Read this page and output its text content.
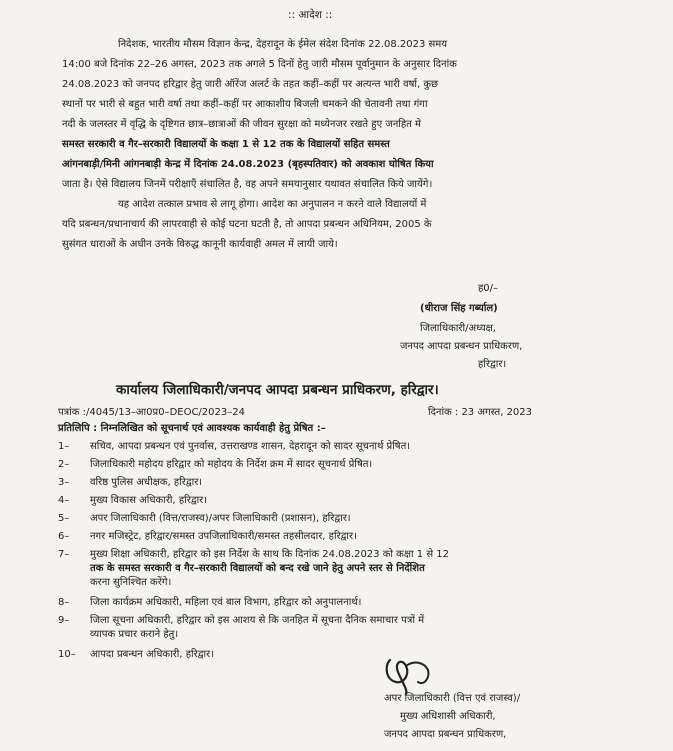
:: आदेश ::
निदेशक, भारतीय मौसम विज्ञान केन्द्र, देहरादून के ईमेल संदेश दिनांक 22.08.2023 समय
14:00 बजे दिनांक 22–26 अगस्त, 2023 तक अगले 5 दिनों हेतु जारी मौसम पूर्वानुमान के अनुसार दिनांक
24.08.2023 को जनपद हरिद्वार हेतु जारी ऑरेंज अलर्ट के तहत कहीं–कहीं पर अत्यन्त भारी वर्षा, कुछ
स्थानों पर भारी से बहुत भारी वर्षा तथा कहीं–कहीं पर आकाशीय बिजली चमकने की चेतावनी तथा गंगा
नदी के जलस्तर में वृद्धि के दृष्टिगत छात्र–छात्राओं की जीवन सुरक्षा को मध्येनजर रखते हुए जनहित मे
समस्त सरकारी व गैर–सरकारी विद्यालयों के कक्षा 1 से 12 तक के विद्यालयों सहित समस्त
आंगनबाड़ी/मिनी आंगनबाड़ी केन्द्र में दिनांक 24.08.2023 (बृहस्पतिवार) को अवकाश घोषित किया
जाता है। ऐसे विद्यालय जिनमें परीक्षाएँ संचालित है, वह अपने समयानुसार यथावत संचालित किये जायेंगे।
यह आदेश तत्काल प्रभाव से लागू होगा। आदेश का अनुपालन न करने वाले विद्यालयों में
यदि प्रबन्धन/प्रधानाचार्य की लापरवाही से कोई घटना घटती है, तो आपदा प्रबन्धन अधिनियम, 2005 के
सुसंगत धाराओं के अधीन उनके विरुद्ध कानूनी कार्यवाही अमल में लायी जाये।
ह0/–
(धीराज सिंह गर्ब्याल)
जिलाधिकारी/अध्यक्ष,
जनपद आपदा प्रबन्धन प्राधिकरण,
हरिद्वार।
कार्यालय जिलाधिकारी/जनपद आपदा प्रबन्धन प्राधिकरण, हरिद्वार।
पत्रांक :/4045/13–आ0प्र0–DEOC/2023–24	दिनांक : 23 अगस्त, 2023
प्रतिलिपि : निम्नलिखित को सूचनार्थ एवं आवश्यक कार्यवाही हेतु प्रेषित :–
1– सचिव, आपदा प्रबन्धन एवं पुनर्वास, उत्तराखण्ड शासन, देहरादून को सादर सूचनार्थ प्रेषित।
2– जिलाधिकारी महोदय हरिद्वार को महोदय के निर्देश क्रम में सादर सूचनार्थ प्रेषित।
3– वरिष्ठ पुलिस अधीक्षक, हरिद्वार।
4– मुख्य विकास अधिकारी, हरिद्वार।
5– अपर जिलाधिकारी (वित्त/राजस्व)/अपर जिलाधिकारी (प्रशासन), हरिद्वार।
6– नगर मजिस्ट्रेट, हरिद्वार/समस्त उपजिलाधिकारी/समस्त तहसीलदार, हरिद्वार।
7– मुख्य शिक्षा अधिकारी, हरिद्वार को इस निर्देश के साथ कि दिनांक 24.08.2023 को कक्षा 1 से 12
तक के समस्त सरकारी व गैर–सरकारी विद्यालयों को बन्द रखे जाने हेतु अपने स्तर से निर्देशित
करना सुनिश्चित करेंगे।
8– जिला कार्यक्रम अधिकारी, महिला एवं बाल विभाग, हरिद्वार को अनुपालनार्थ।
9– जिला सूचना अधिकारी, हरिद्वार को इस आशय से कि जनहित में सूचना दैनिक समाचार पत्रों में
व्यापक प्रचार कराने हेतु।
10– आपदा प्रबन्धन अधिकारी, हरिद्वार।
अपर जिलाधिकारी (वित्त एवं राजस्व)/
मुख्य अधिशासी अधिकारी,
जनपद आपदा प्रबन्धन प्राधिकरण,
